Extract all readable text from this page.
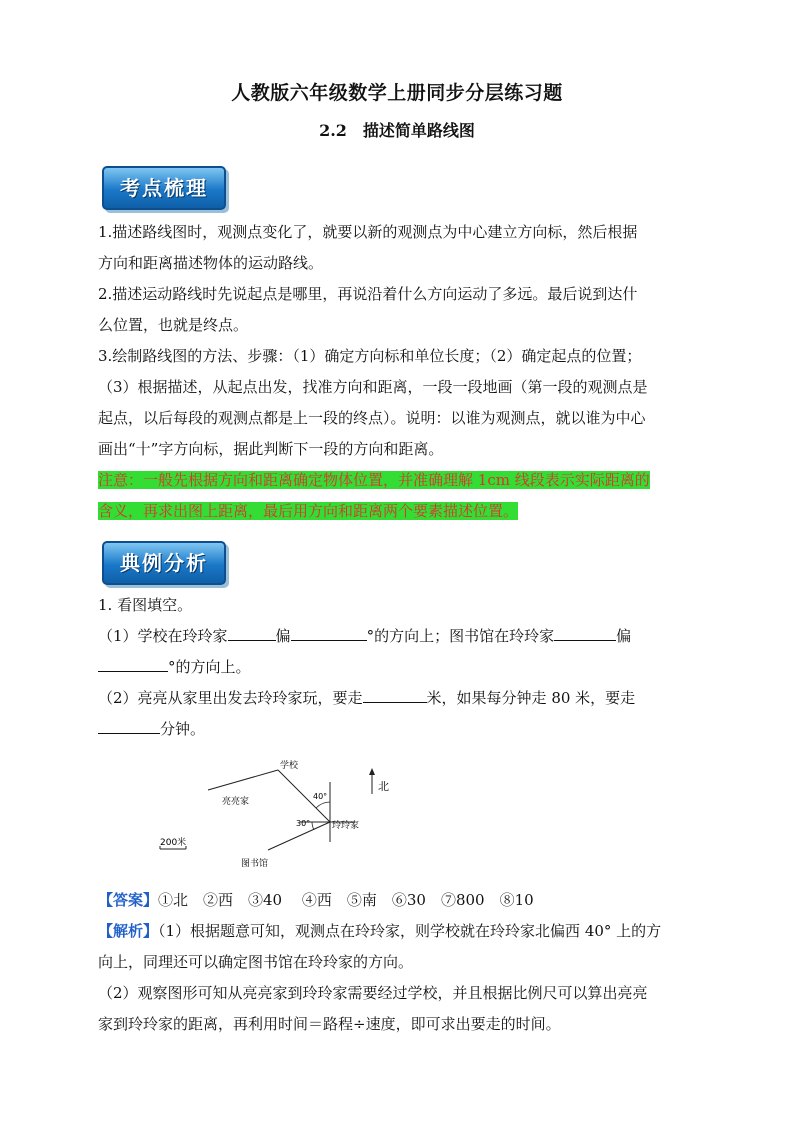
人教版六年级数学上册同步分层练习题
2.2　描述简单路线图
考点梳理
1.描述路线图时，观测点变化了，就要以新的观测点为中心建立方向标，然后根据
方向和距离描述物体的运动路线。
2.描述运动路线时先说起点是哪里，再说沿着什么方向运动了多远。最后说到达什
么位置，也就是终点。
3.绘制路线图的方法、步骤：（1）确定方向标和单位长度；（2）确定起点的位置；
（3）根据描述，从起点出发，找准方向和距离，一段一段地画（第一段的观测点是
起点，以后每段的观测点都是上一段的终点）。说明：以谁为观测点，就以谁为中心
画出“十”字方向标，据此判断下一段的方向和距离。
注意：一般先根据方向和距离确定物体位置，并准确理解 1cm 线段表示实际距离的
含义，再求出图上距离，最后用方向和距离两个要素描述位置。
典例分析
1. 看图填空。
（1）学校在玲玲家	偏	°的方向上；图书馆在玲玲家	偏
°的方向上。
（2）亮亮从家里出发去玲玲家玩，要走	米，如果每分钟走 80 米，要走
分钟。
北
学校
亮亮家
玲玲家
图书馆
40°
30°
200米
【答案】①北　②西　③40　 ④西　⑤南　⑥30　⑦800　⑧10
【解析】（1）根据题意可知，观测点在玲玲家，则学校就在玲玲家北偏西 40° 上的方
向上，同理还可以确定图书馆在玲玲家的方向。
（2）观察图形可知从亮亮家到玲玲家需要经过学校，并且根据比例尺可以算出亮亮
家到玲玲家的距离，再利用时间＝路程÷速度，即可求出要走的时间。
